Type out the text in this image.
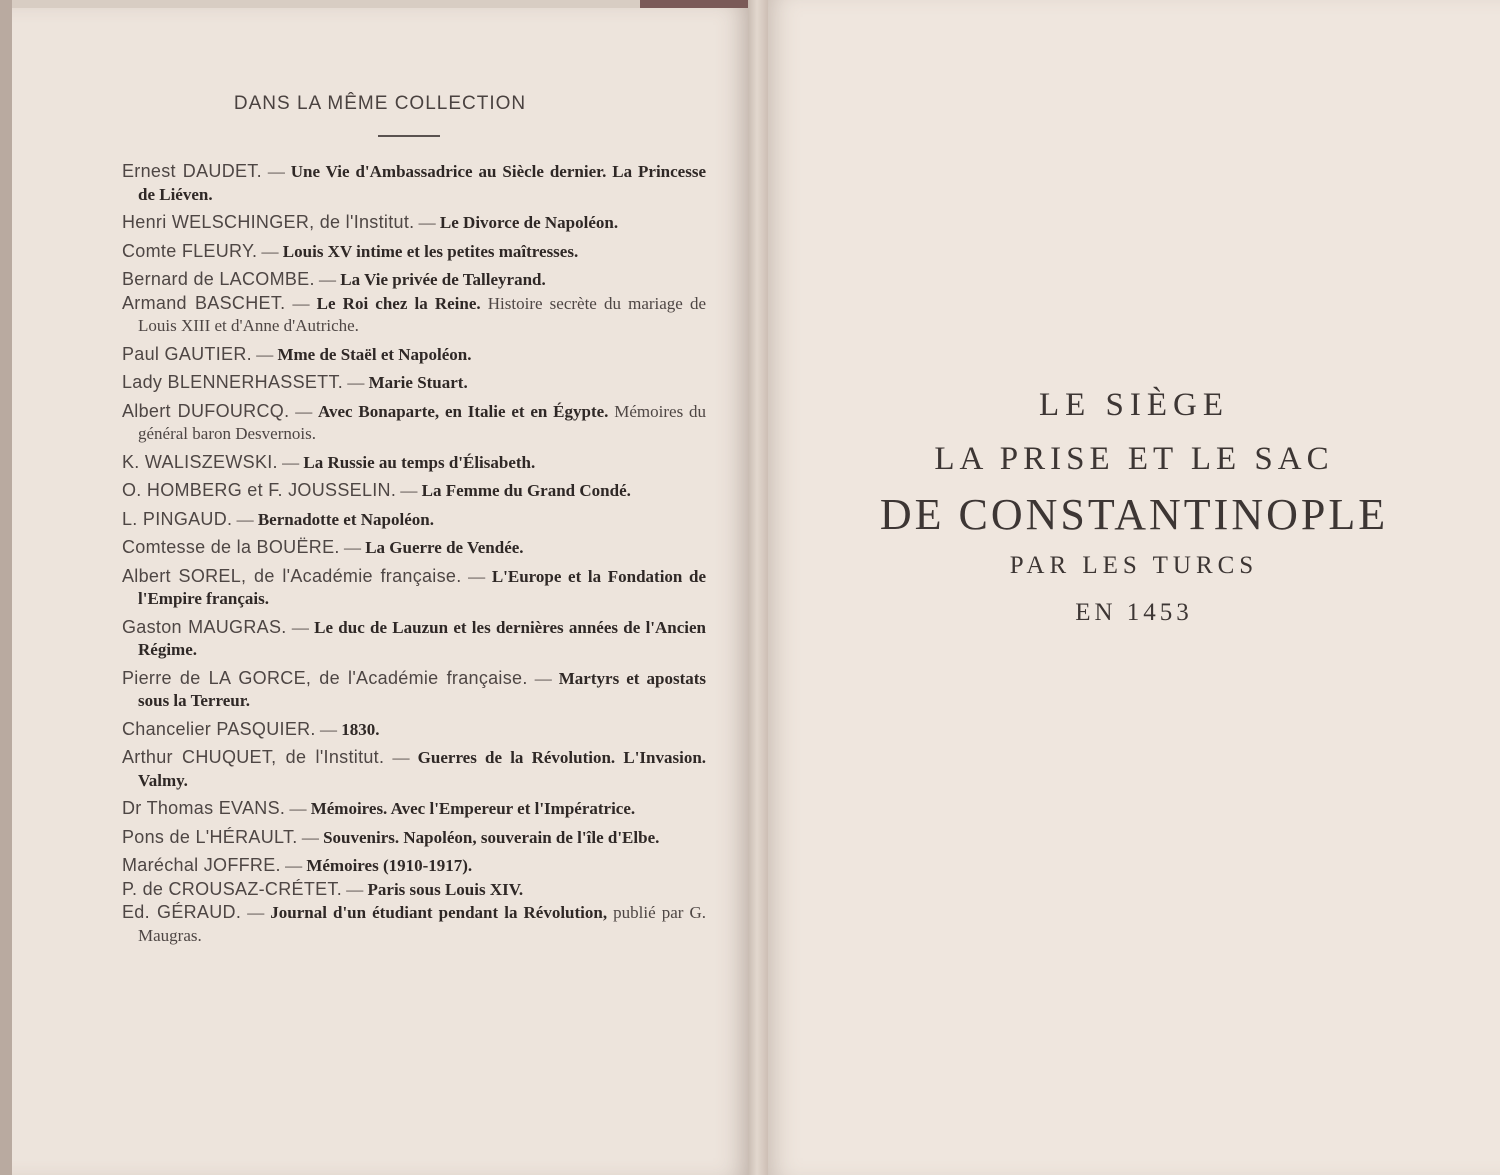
DANS LA MÊME COLLECTION
Ernest DAUDET. — Une Vie d'Ambassadrice au Siècle dernier. La Princesse de Liéven.
Henri WELSCHINGER, de l'Institut. — Le Divorce de Napoléon.
Comte FLEURY. — Louis XV intime et les petites maîtresses.
Bernard de LACOMBE. — La Vie privée de Talleyrand.
Armand BASCHET. — Le Roi chez la Reine. Histoire secrète du mariage de Louis XIII et d'Anne d'Autriche.
Paul GAUTIER. — Mme de Staël et Napoléon.
Lady BLENNERHASSETT. — Marie Stuart.
Albert DUFOURCQ. — Avec Bonaparte, en Italie et en Égypte. Mémoires du général baron Desvernois.
K. WALISZEWSKI. — La Russie au temps d'Élisabeth.
O. HOMBERG et F. JOUSSELIN. — La Femme du Grand Condé.
L. PINGAUD. — Bernadotte et Napoléon.
Comtesse de la BOUËRE. — La Guerre de Vendée.
Albert SOREL, de l'Académie française. — L'Europe et la Fondation de l'Empire français.
Gaston MAUGRAS. — Le duc de Lauzun et les dernières années de l'Ancien Régime.
Pierre de LA GORCE, de l'Académie française. — Martyrs et apostats sous la Terreur.
Chancelier PASQUIER. — 1830.
Arthur CHUQUET, de l'Institut. — Guerres de la Révolution. L'Invasion. Valmy.
Dr Thomas EVANS. — Mémoires. Avec l'Empereur et l'Impératrice.
Pons de L'HÉRAULT. — Souvenirs. Napoléon, souverain de l'île d'Elbe.
Maréchal JOFFRE. — Mémoires (1910-1917).
P. de CROUSAZ-CRÉTET. — Paris sous Louis XIV.
Ed. GÉRAUD. — Journal d'un étudiant pendant la Révolution, publié par G. Maugras.
LE SIÈGE
LA PRISE ET LE SAC
DE CONSTANTINOPLE
PAR LES TURCS
EN 1453
